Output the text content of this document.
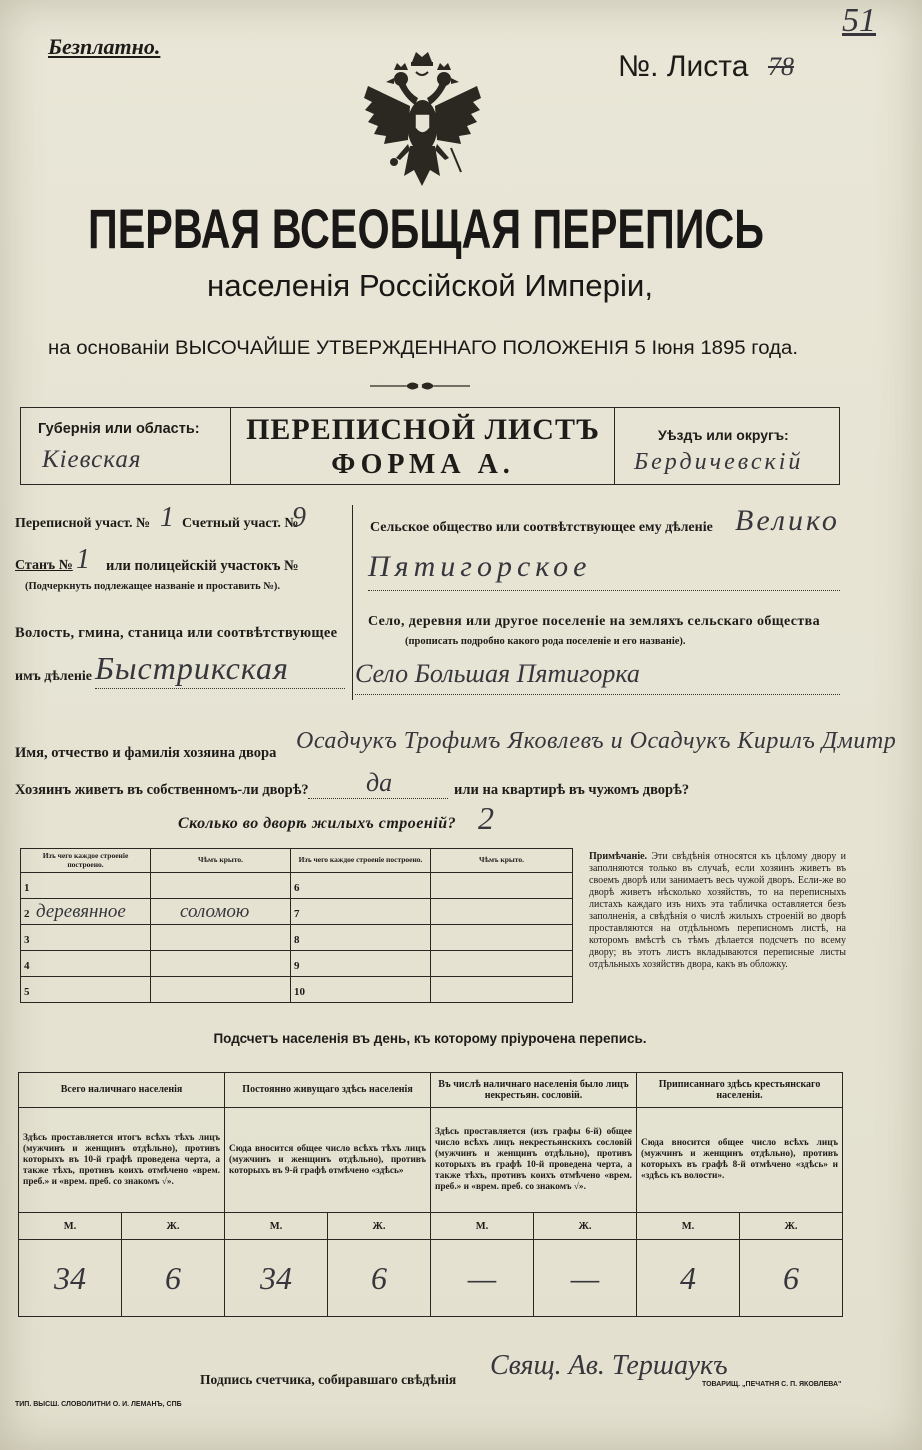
Безплатно.
№. Листа 78
51
ПЕРВАЯ ВСЕОБЩАЯ ПЕРЕПИСЬ
населенія Россійской Имперіи,
на основаніи ВЫСОЧАЙШЕ УТВЕРЖДЕННАГО ПОЛОЖЕНІЯ 5 Іюня 1895 года.
Губернія или область:
Кіевская
ПЕРЕПИСНОЙ ЛИСТЪ
ФОРМА А.
Уѣздъ или округъ:
Бердичевскій
Переписной участ. № 1 Счетный участ. №
9
Станъ № 1 или полицейскій участокъ №
(Подчеркнуть подлежащее названіе и проставить №).
Волость, гмина, станица или соотвѣтствующее
имъ дѣленіе Быстрикская
Сельское общество или соотвѣтствующее ему дѣленіе Велико
Пятигорское
Село, деревня или другое поселеніе на земляхъ сельскаго общества
(прописать подробно какого рода поселеніе и его названіе).
Село Большая Пятигорка
Имя, отчество и фамилія хозяина двора Осадчукъ Трофимъ Яковлевъ и Осадчукъ Кирилъ Дмитр
Хозяинъ живетъ въ собственномъ-ли дворѣ? да	или на квартирѣ въ чужомъ дворѣ?
Сколько во дворѣ жилыхъ строеній? 2
Изъ чего каждое строеніе построено.	Чѣмъ крыто.	Изъ чего каждое строеніе построено.	Чѣмъ крыто.
1		6	
2 деревянное	соломою	7	
3		8	
4		9	
5		10	
Примѣчаніе. Эти свѣдѣнія относятся къ цѣлому двору и заполняются только въ случаѣ, если хозяинъ живетъ въ своемъ дворѣ или занимаетъ весь чужой дворъ. Если-же во дворѣ живетъ нѣсколько хозяйствъ, то на переписныхъ листахъ каждаго изъ нихъ эта табличка оставляется безъ заполненія, а свѣдѣнія о числѣ жилыхъ строеній во дворѣ проставляются на отдѣльномъ переписномъ листѣ, на которомъ вмѣстѣ съ тѣмъ дѣлается подсчетъ по всему двору; въ этотъ листъ вкладываются переписные листы отдѣльныхъ хозяйствъ двора, какъ въ обложку.
Подсчетъ населенія въ день, къ которому пріурочена перепись.
Всего наличнаго населенія		Постоянно живущаго здѣсь населенія		Въ числѣ наличнаго населенія было лицъ некрестьян. сословій.		Приписаннаго здѣсь крестьянскаго населенія.	
Здѣсь проставляется итогъ всѣхъ тѣхъ лицъ (мужчинъ и женщинъ отдѣльно), противъ которыхъ въ 10-й графѣ проведена черта, а также тѣхъ, противъ коихъ отмѣчено «врем. преб.» и «врем. преб. со знакомъ √».		Сюда вносится общее число всѣхъ тѣхъ лицъ (мужчинъ и женщинъ отдѣльно), противъ которыхъ въ 9-й графѣ отмѣчено «здѣсь»		Здѣсь проставляется (изъ графы 6-й) общее число всѣхъ лицъ некрестьянскихъ сословій (мужчинъ и женщинъ отдѣльно), противъ которыхъ въ графѣ 10-й проведена черта, а также тѣхъ, противъ коихъ отмѣчено «врем. преб.» и «врем. преб. со знакомъ √».		Сюда вносится общее число всѣхъ лицъ (мужчинъ и женщинъ отдѣльно), противъ которыхъ въ графѣ 8-й отмѣчено «здѣсь» и «здѣсь къ волости».	
М.	Ж.	М.	Ж.	М.	Ж.	М.	Ж.
34	6	34	6	—	—	4	6
Подпись счетчика, собиравшаго свѣдѣнія Свящ. Ав. Тершаукъ
ТИП. ВЫСШ. СЛОВОЛИТНИ О. И. ЛЕМАНЪ, СПБ
ТОВАРИЩ. „ПЕЧАТНЯ С. П. ЯКОВЛЕВА"
